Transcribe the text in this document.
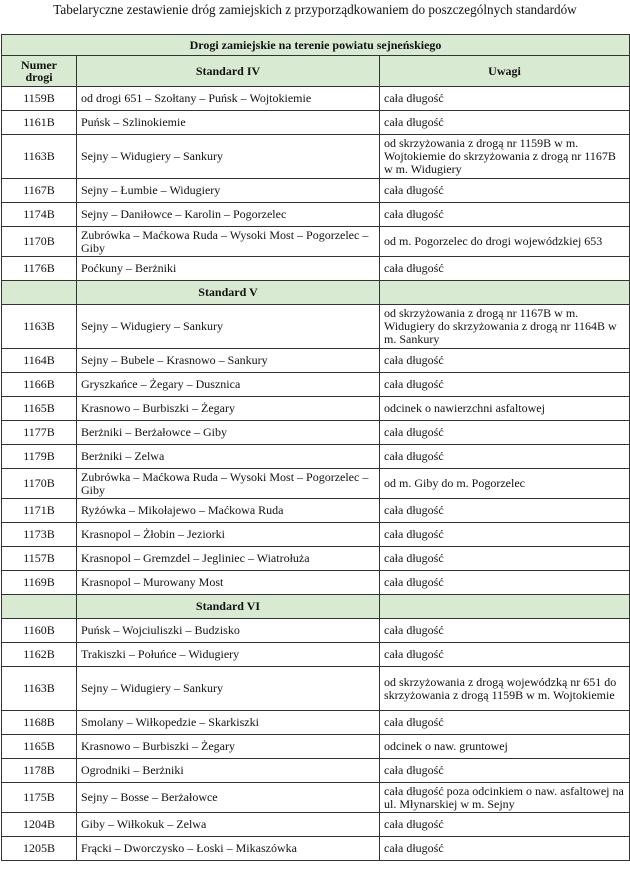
Tabelaryczne zestawienie dróg zamiejskich z przyporządkowaniem do poszczególnych standardów
Drogi zamiejskie na terenie powiatu sejneńskiego		

Numer
drogi	Standard IV	Uwagi
1159B	od drogi 651 – Szołtany – Puńsk – Wojtokiemie	cała długość
1161B	Puńsk – Szlinokiemie	cała długość
1163B	Sejny – Widugiery – Sankury	od skrzyżowania z drogą nr 1159B w m. Wojtokiemie do skrzyżowania z drogą nr 1167B w m. Widugiery
1167B	Sejny – Łumbie – Widugiery	cała długość
1174B	Sejny – Daniłowce – Karolin – Pogorzelec	cała długość
1170B	Zubrówka – Maćkowa Ruda – Wysoki Most – Pogorzelec – Giby	od m. Pogorzelec do drogi wojewódzkiej 653
1176B	Poćkuny – Berżniki	cała długość
	Standard V	
1163B	Sejny – Widugiery – Sankury	od skrzyżowania z drogą nr 1167B w m. Widugiery do skrzyżowania z drogą nr 1164B w m. Sankury
1164B	Sejny – Bubele – Krasnowo – Sankury	cała długość
1166B	Gryszkańce – Żegary – Dusznica	cała długość
1165B	Krasnowo – Burbiszki – Żegary	odcinek o nawierzchni asfaltowej
1177B	Berżniki – Berżałowce – Giby	cała długość
1179B	Berżniki – Zelwa	cała długość
1170B	Zubrówka – Maćkowa Ruda – Wysoki Most – Pogorzelec – Giby	od m. Giby do m. Pogorzelec
1171B	Ryżówka – Mikołajewo – Maćkowa Ruda	cała długość
1173B	Krasnopol – Żłobin – Jeziorki	cała długość
1157B	Krasnopol – Gremzdel – Jegliniec – Wiatrołuża	cała długość
1169B	Krasnopol – Murowany Most	cała długość
	Standard VI	
1160B	Puńsk – Wojciuliszki – Budzisko	cała długość
1162B	Trakiszki – Połuńce – Widugiery	cała długość
1163B	Sejny – Widugiery – Sankury	od skrzyżowania z drogą wojewódzką nr 651 do skrzyżowania z drogą 1159B w m. Wojtokiemie
1168B	Smolany – Wiłkopedzie – Skarkiszki	cała długość
1165B	Krasnowo – Burbiszki – Żegary	odcinek o naw. gruntowej
1178B	Ogrodniki – Berżniki	cała długość
1175B	Sejny – Bosse – Berżałowce	cała długość poza odcinkiem o naw. asfaltowej na ul. Młynarskiej w m. Sejny
1204B	Giby – Wiłkokuk – Zelwa	cała długość
1205B	Frącki – Dworczysko – Łoski – Mikaszówka	cała długość
